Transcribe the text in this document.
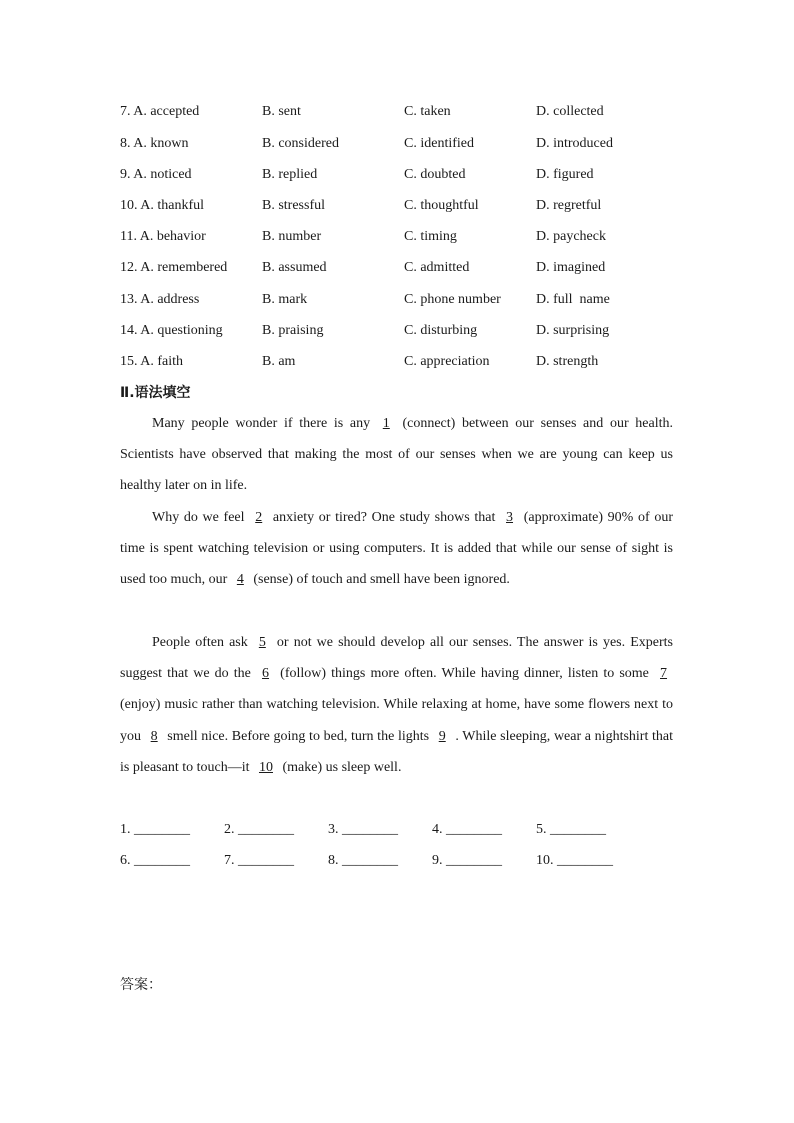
7. A. accepted	B. sent	C. taken	D. collected
8. A. known	B. considered	C. identified	D. introduced
9. A. noticed	B. replied	C. doubted	D. figured
10. A. thankful	B. stressful	C. thoughtful	D. regretful
11. A. behavior	B. number	C. timing	D. paycheck
12. A. remembered B. assumed	C. admitted	D. imagined
13. A. address	B. mark	C. phone number	D. full  name
14. A. questioning	B. praising	C. disturbing	D. surprising
15. A. faith	B. am	C. appreciation	D. strength
Ⅱ.语法填空
Many people wonder if there is any 1 (connect) between our senses and our health. Scientists have observed that making the most of our senses when we are young can keep us healthy later on in life.
Why do we feel 2 anxiety or tired? One study shows that 3 (approximate) 90% of our time is spent watching television or using computers. It is added that while our sense of sight is used too much, our 4 (sense) of touch and smell have been ignored.
People often ask 5 or not we should develop all our senses. The answer is yes. Experts suggest that we do the 6 (follow) things more often. While having dinner, listen to some 7 (enjoy) music rather than watching television. While relaxing at home, have some flowers next to you 8 smell nice. Before going to bed, turn the lights 9 . While sleeping, wear a nightshirt that is pleasant to touch—it 10 (make) us sleep well.
1. ________ 2. ________ 3. ________ 4. ________ 5. ________
6. ________ 7. ________ 8. ________ 9. ________ 10. ________
答案：
